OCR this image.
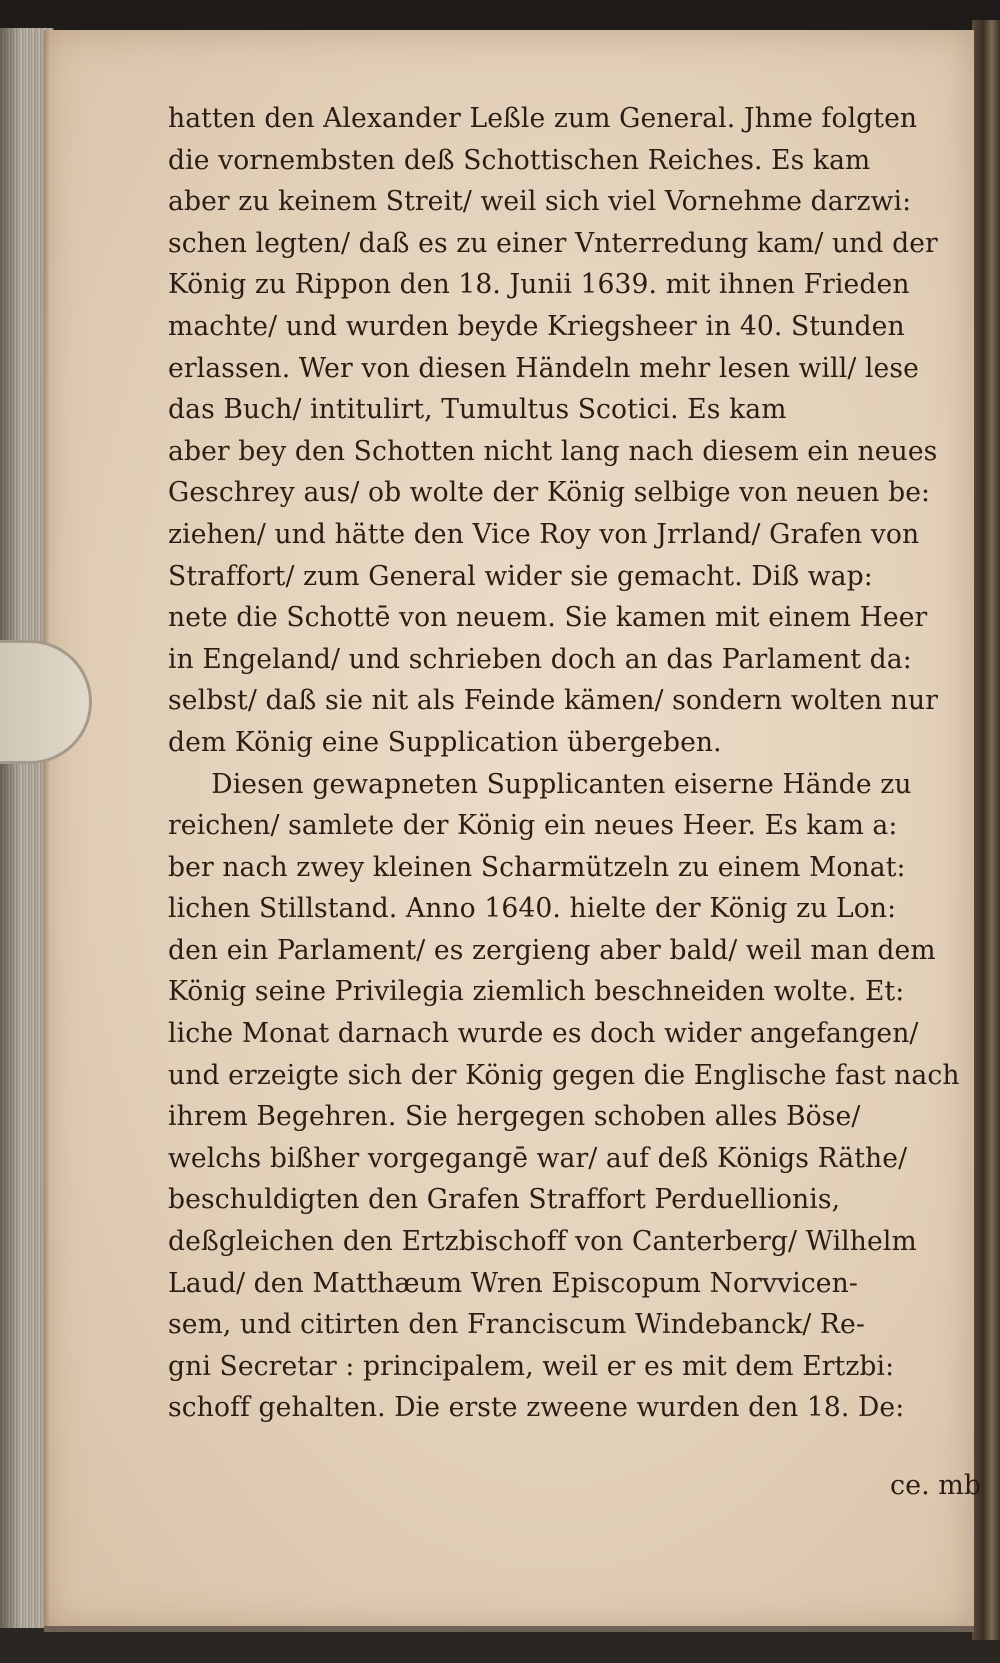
hatten den Alexander Leßle zum General. Jhme folgten
die vornembsten deß Schottischen Reiches. Es kam
aber zu keinem Streit/ weil sich viel Vornehme darzwi:
schen legten/ daß es zu einer Vnterredung kam/ und der
König zu Rippon den 18. Junii 1639. mit ihnen Frieden
machte/ und wurden beyde Kriegsheer in 40. Stunden
erlassen. Wer von diesen Händeln mehr lesen will/ lese
das Buch/ intitulirt, Tumultus Scotici. Es kam
aber bey den Schotten nicht lang nach diesem ein neues
Geschrey aus/ ob wolte der König selbige von neuen be:
ziehen/ und hätte den Vice Roy von Jrrland/ Grafen von
Straffort/ zum General wider sie gemacht. Diß wap:
nete die Schottē von neuem. Sie kamen mit einem Heer
in Engeland/ und schrieben doch an das Parlament da:
selbst/ daß sie nit als Feinde kämen/ sondern wolten nur
dem König eine Supplication übergeben.
Diesen gewapneten Supplicanten eiserne Hände zu
reichen/ samlete der König ein neues Heer. Es kam a:
ber nach zwey kleinen Scharmützeln zu einem Monat:
lichen Stillstand. Anno 1640. hielte der König zu Lon:
den ein Parlament/ es zergieng aber bald/ weil man dem
König seine Privilegia ziemlich beschneiden wolte. Et:
liche Monat darnach wurde es doch wider angefangen/
und erzeigte sich der König gegen die Englische fast nach
ihrem Begehren. Sie hergegen schoben alles Böse/
welchs bißher vorgegangē war/ auf deß Königs Räthe/
beschuldigten den Grafen Straffort Perduellionis,
deßgleichen den Ertzbischoff von Canterberg/ Wilhelm
Laud/ den Matthæum Wren Episcopum Norvvicen-
sem, und citirten den Franciscum Windebanck/ Re-
gni Secretar : principalem, weil er es mit dem Ertzbi:
schoff gehalten. Die erste zweene wurden den 18. De:
ce. mb
